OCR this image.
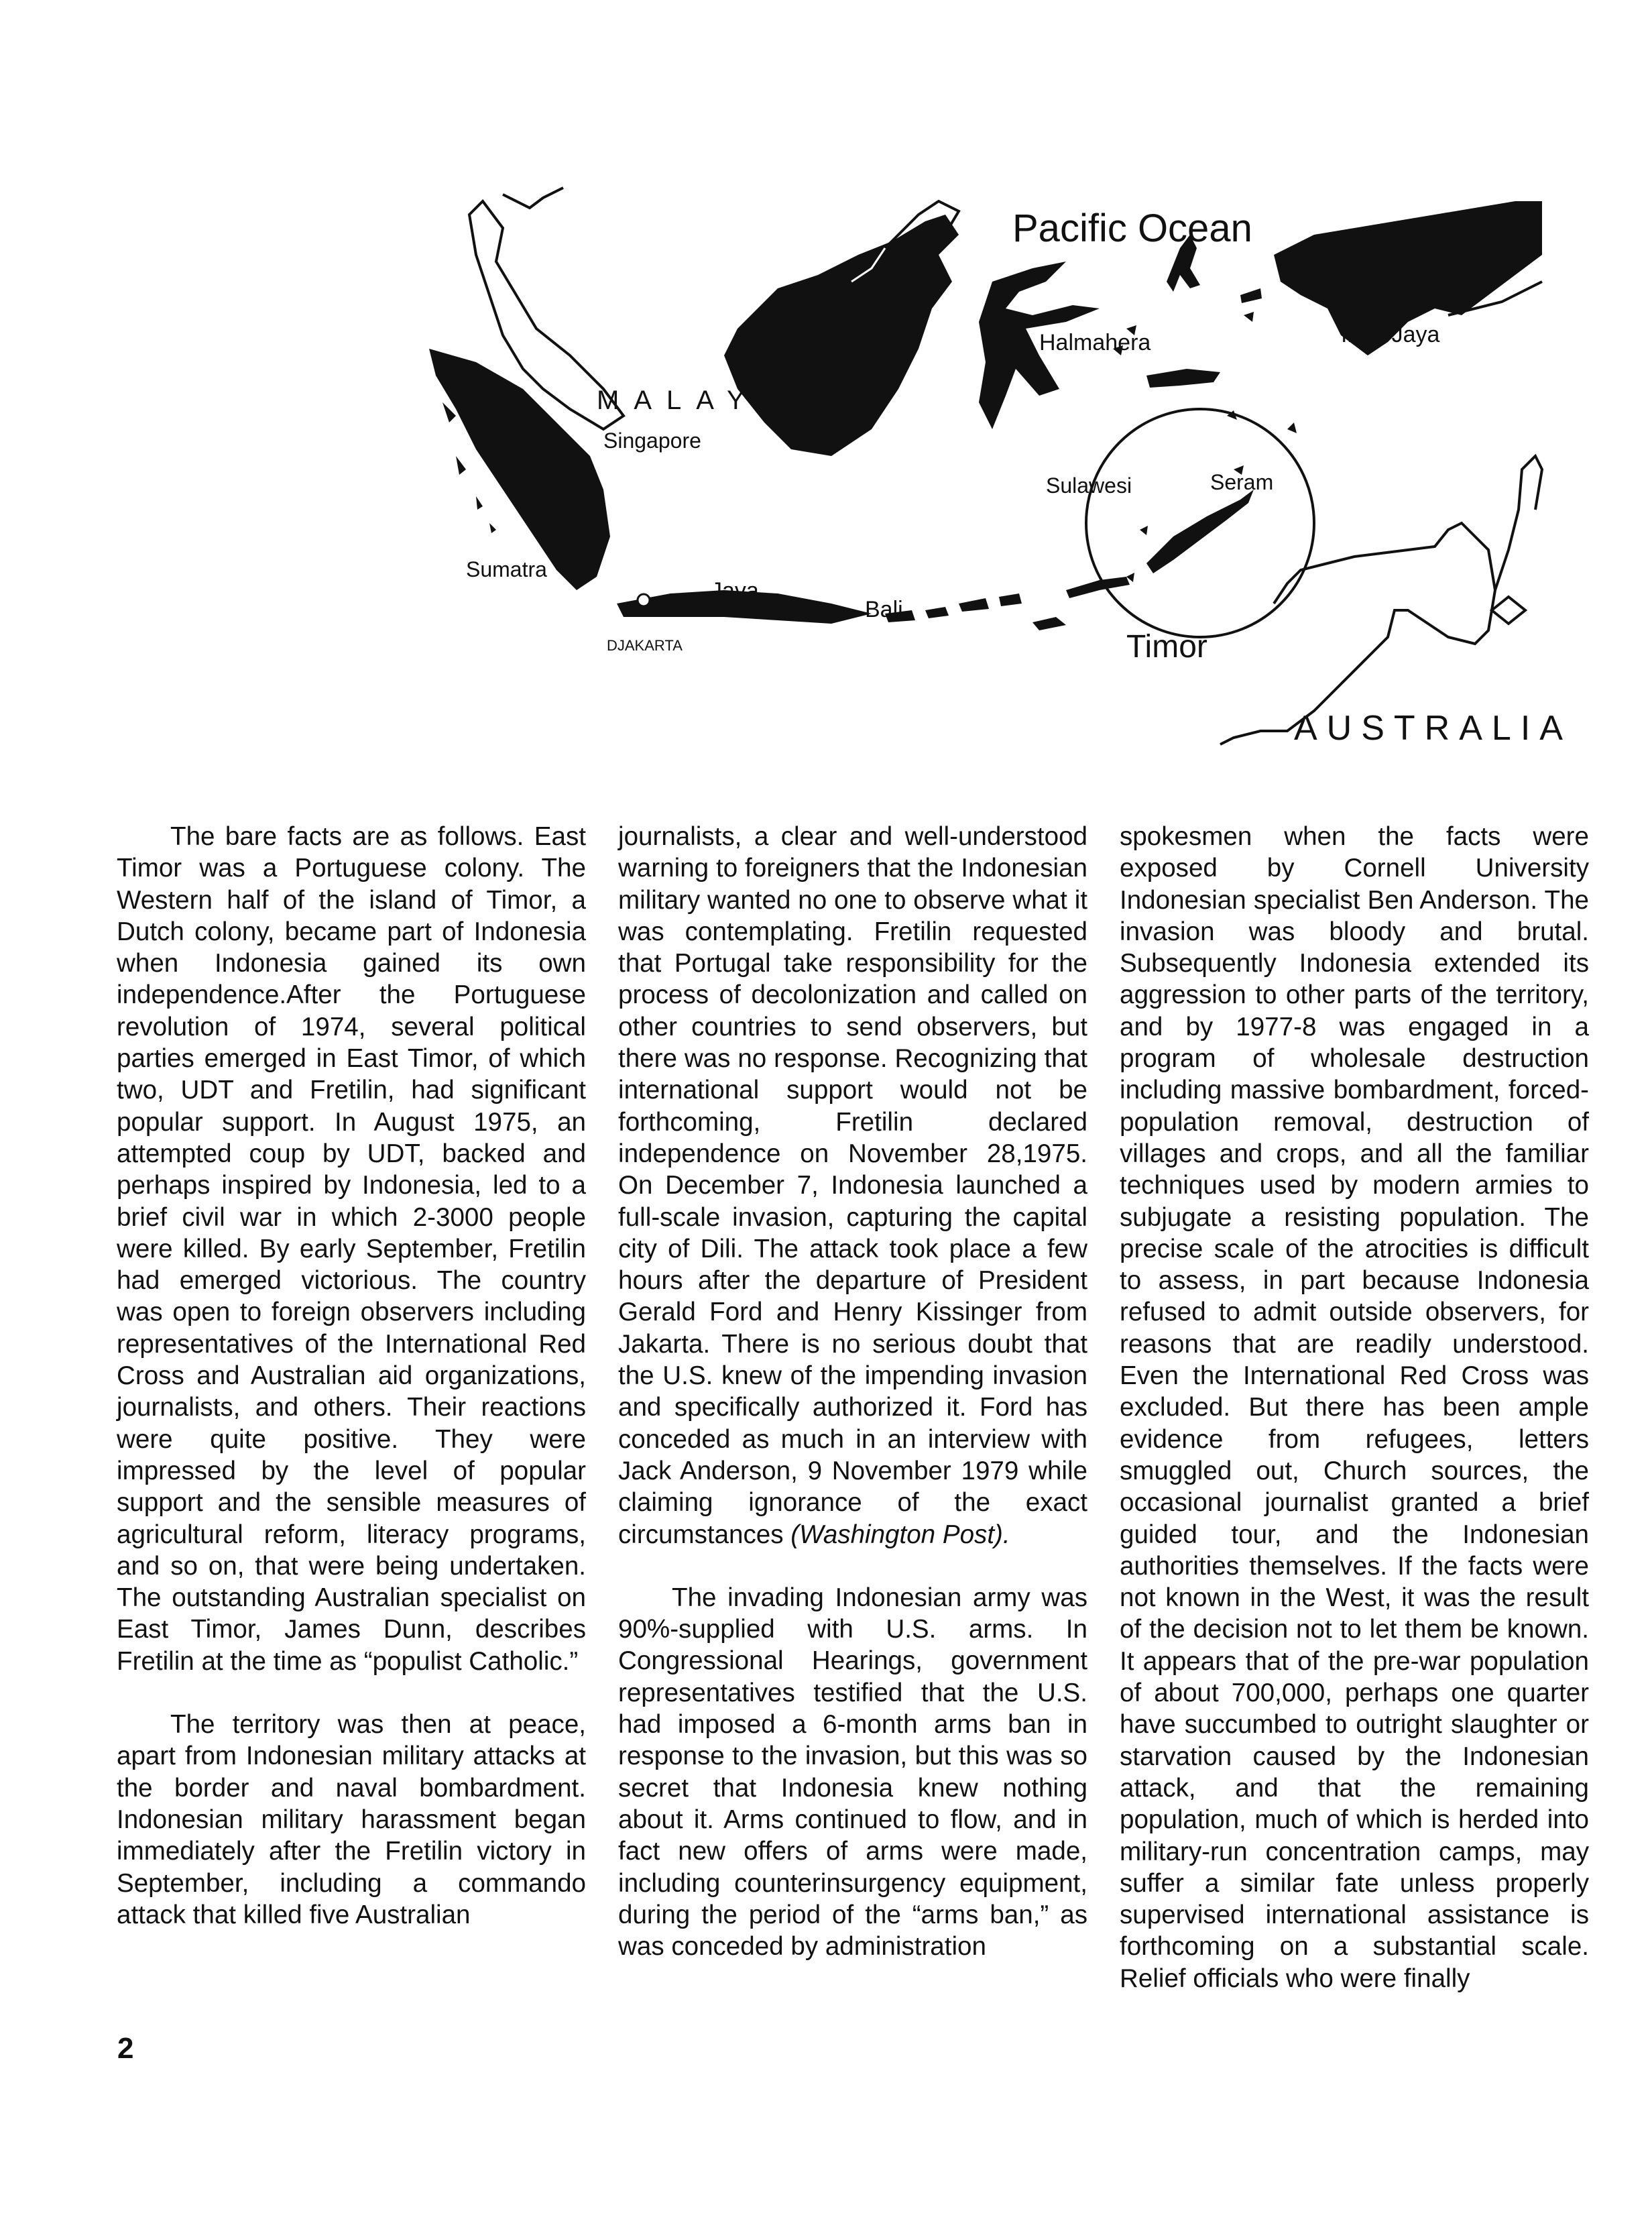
Pacific Ocean
Brunei	Halmahera	Irian Jaya
MALAYSIA
Singapore
Kalimantan	Sulawesi	Seram
Sumatra
Java
Bali
DJAKARTA	Timor
AUSTRALIA

The bare facts are as follows. East Timor was a Portuguese colony. The Western half of the island of Timor, a Dutch colony, became part of Indonesia when Indonesia gained its own independence.After the Portuguese revolution of 1974, several political parties emerged in East Timor, of which two, UDT and Fretilin, had significant popular support. In August 1975, an attempted coup by UDT, backed and perhaps inspired by Indonesia, led to a brief civil war in which 2-3000 people were killed. By early September, Fretilin had emerged victorious. The country was open to foreign observers including representatives of the International Red Cross and Australian aid organizations, journalists, and others. Their reactions were quite positive. They were impressed by the level of popular support and the sensible measures of agricultural reform, literacy programs, and so on, that were being undertaken. The outstanding Australian specialist on East Timor, James Dunn, describes Fretilin at the time as “populist Catholic.”

The territory was then at peace, apart from Indonesian military attacks at the border and naval bombardment. Indonesian military harassment began immediately after the Fretilin victory in September, including a commando attack that killed five Australian

journalists, a clear and well-understood warning to foreigners that the Indonesian military wanted no one to observe what it was contemplating. Fretilin requested that Portugal take responsibility for the process of decolonization and called on other countries to send observers, but there was no response. Recognizing that international support would not be forthcoming, Fretilin declared independence on November 28,1975. On December 7, Indonesia launched a full-scale invasion, capturing the capital city of Dili. The attack took place a few hours after the departure of President Gerald Ford and Henry Kissinger from Jakarta. There is no serious doubt that the U.S. knew of the impending invasion and specifically authorized it. Ford has conceded as much in an interview with Jack Anderson, 9 November 1979 while claiming ignorance of the exact circumstances (Washington Post).

The invading Indonesian army was 90%-supplied with U.S. arms. In Congressional Hearings, government representatives testified that the U.S. had imposed a 6-month arms ban in response to the invasion, but this was so secret that Indonesia knew nothing about it. Arms continued to flow, and in fact new offers of arms were made, including counterinsurgency equipment, during the period of the “arms ban,” as was conceded by administration

spokesmen when the facts were exposed by Cornell University Indonesian specialist Ben Anderson. The invasion was bloody and brutal. Subsequently Indonesia extended its aggression to other parts of the territory, and by 1977-8 was engaged in a program of wholesale destruction including massive bombardment, forced-population removal, destruction of villages and crops, and all the familiar techniques used by modern armies to subjugate a resisting population. The precise scale of the atrocities is difficult to assess, in part because Indonesia refused to admit outside observers, for reasons that are readily understood. Even the International Red Cross was excluded. But there has been ample evidence from refugees, letters smuggled out, Church sources, the occasional journalist granted a brief guided tour, and the Indonesian authorities themselves. If the facts were not known in the West, it was the result of the decision not to let them be known. It appears that of the pre-war population of about 700,000, perhaps one quarter have succumbed to outright slaughter or starvation caused by the Indonesian attack, and that the remaining population, much of which is herded into military-run concentration camps, may suffer a similar fate unless properly supervised international assistance is forthcoming on a substantial scale. Relief officials who were finally

2
